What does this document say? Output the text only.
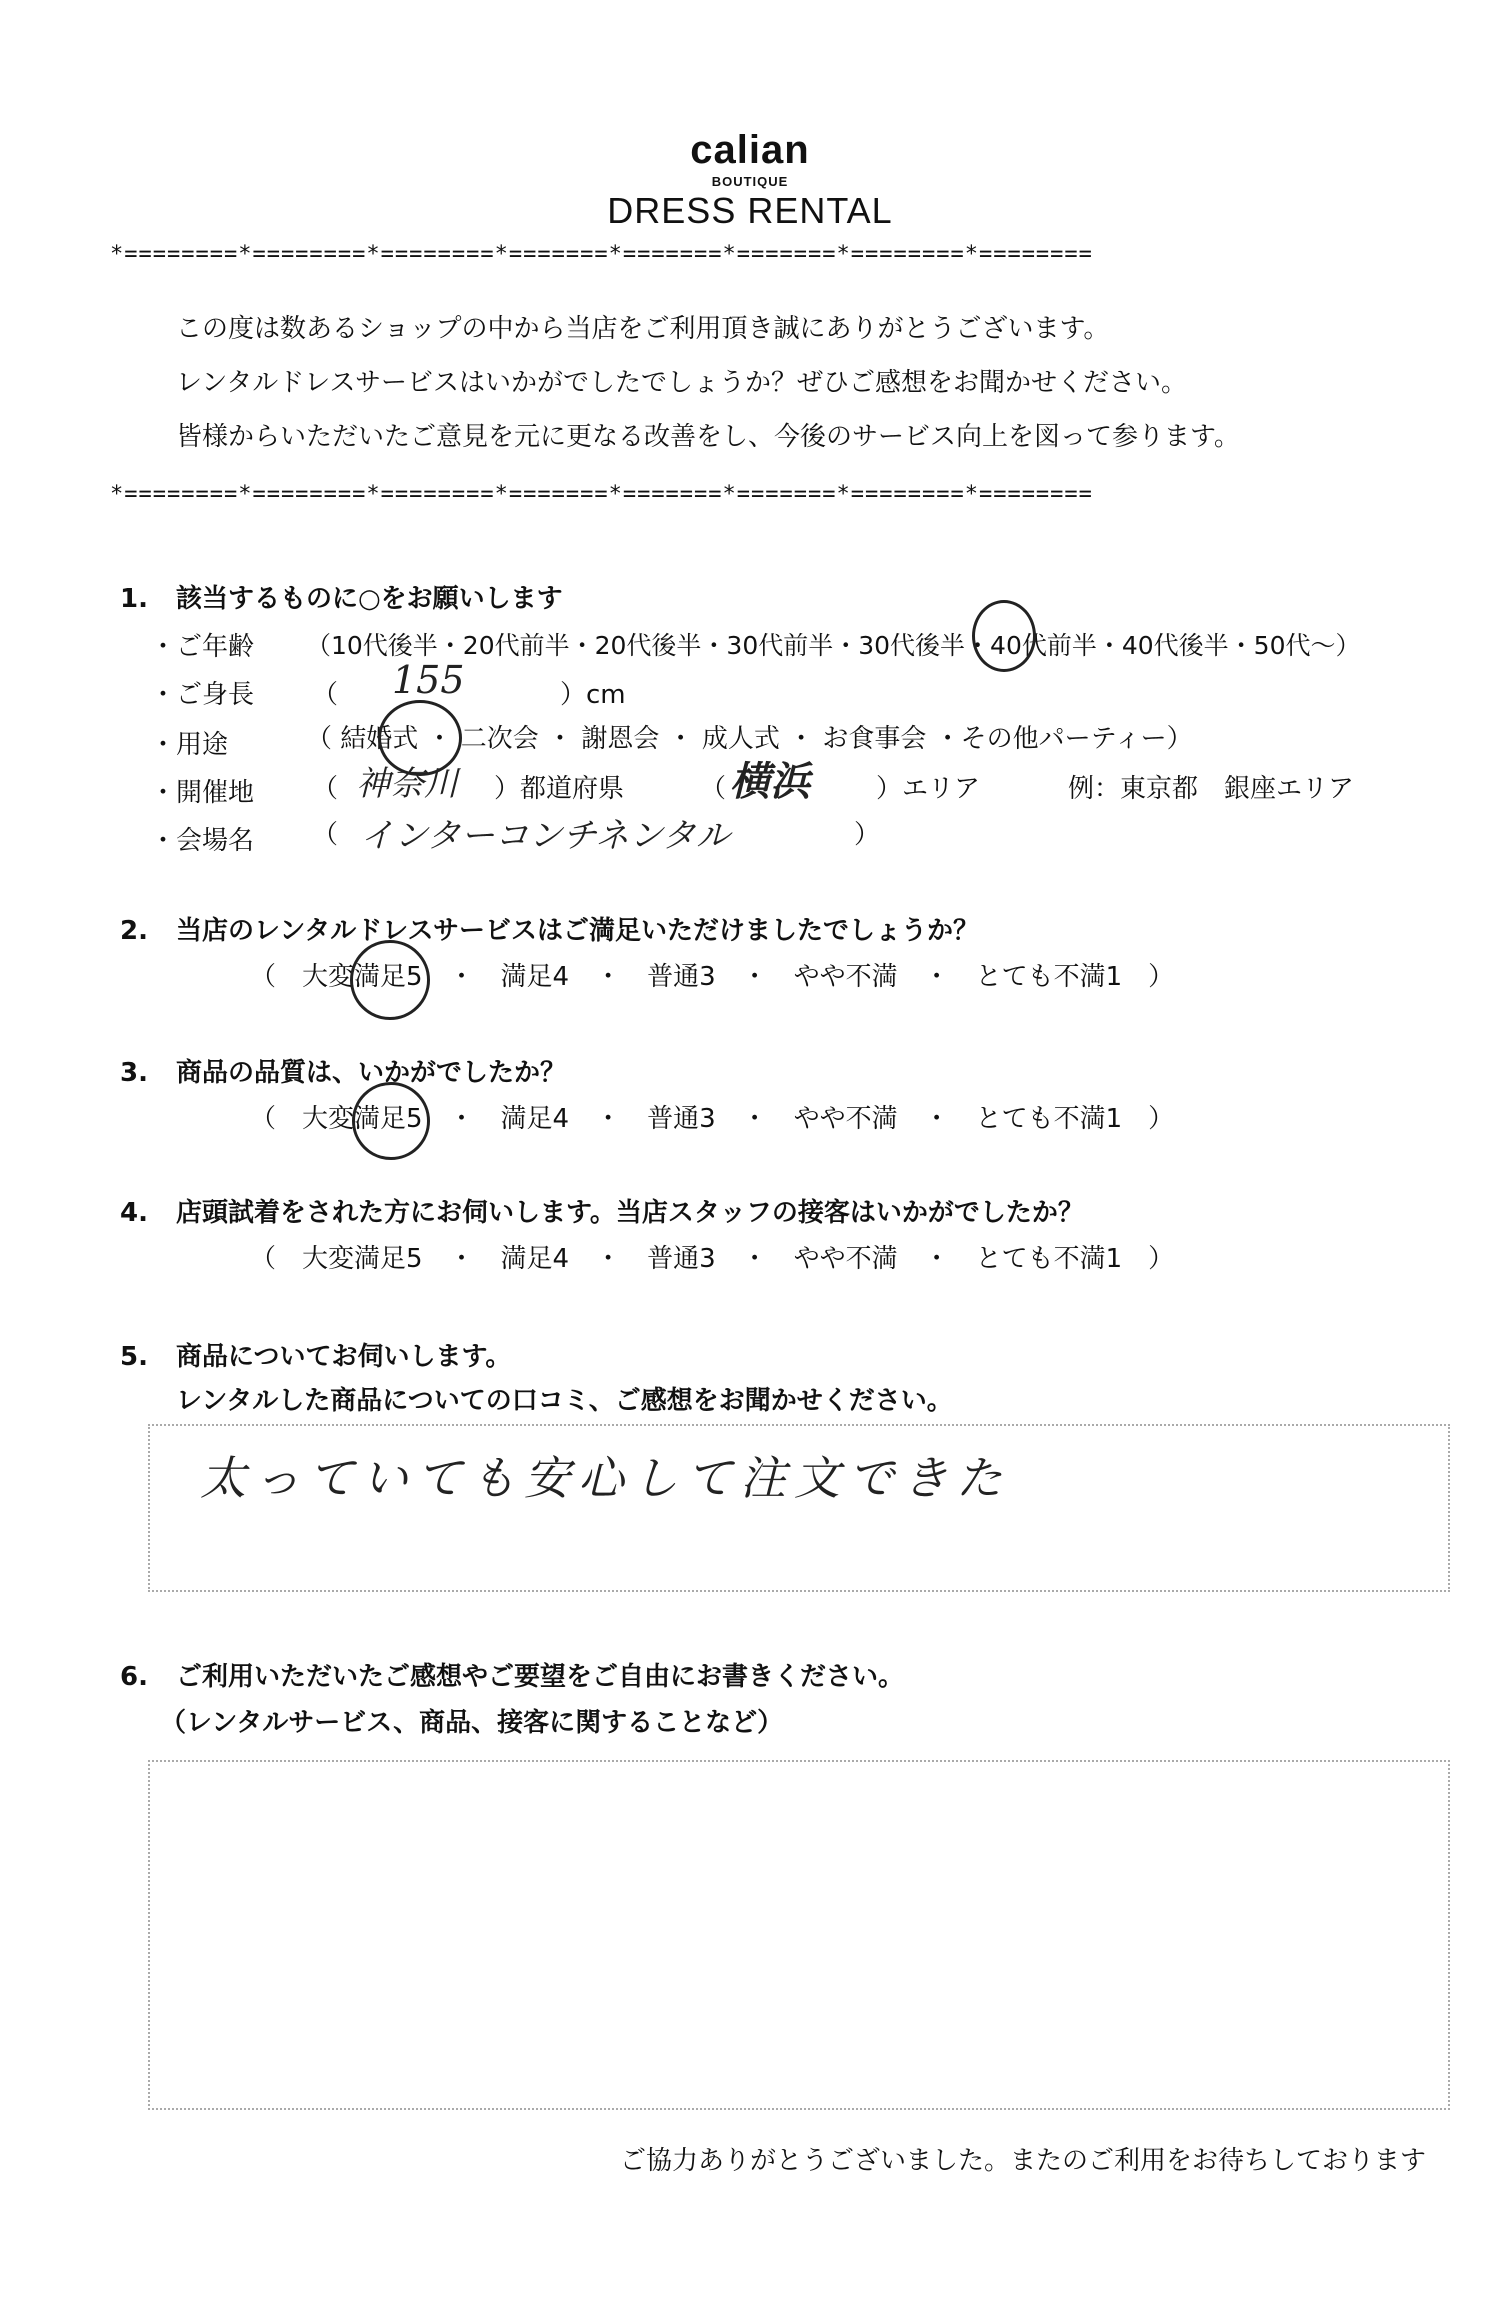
calian
BOUTIQUE
DRESS RENTAL
*========*========*========*=======*=======*=======*========*========
この度は数あるショップの中から当店をご利用頂き誠にありがとうございます。
レンタルドレスサービスはいかがでしたでしょうか？ぜひご感想をお聞かせください。
皆様からいただいたご意見を元に更なる改善をし、今後のサービス向上を図って参ります。
*========*========*========*=======*=======*=======*========*========
1. 該当するものに○をお願いします
・ご年齢 （10代後半・20代前半・20代後半・30代前半・30代後半・40代前半・40代後半・50代～）
・ご身長 （ 155	）cm
・用途	（ 結婚式 ・ 二次会 ・ 謝恩会 ・ 成人式 ・ お食事会 ・その他パーティー）
・開催地 （ 神奈川 ）都道府県	（ 横浜	）エリア	例：東京都　銀座エリア
・会場名 （ インターコンチネンタル	）
2. 当店のレンタルドレスサービスはご満足いただけましたでしょうか？
（　大変満足5　・　満足4　・　普通3　・　やや不満　・　とても不満1　）
3. 商品の品質は、いかがでしたか？
（　大変満足5　・　満足4　・　普通3　・　やや不満　・　とても不満1　）
4. 店頭試着をされた方にお伺いします。当店スタッフの接客はいかがでしたか？
（　大変満足5　・　満足4　・　普通3　・　やや不満　・　とても不満1　）
5. 商品についてお伺いします。
レンタルした商品についての口コミ、ご感想をお聞かせください。
太っていても安心して注文できた
6. ご利用いただいたご感想やご要望をご自由にお書きください。
（レンタルサービス、商品、接客に関することなど）
ご協力ありがとうございました。またのご利用をお待ちしております
